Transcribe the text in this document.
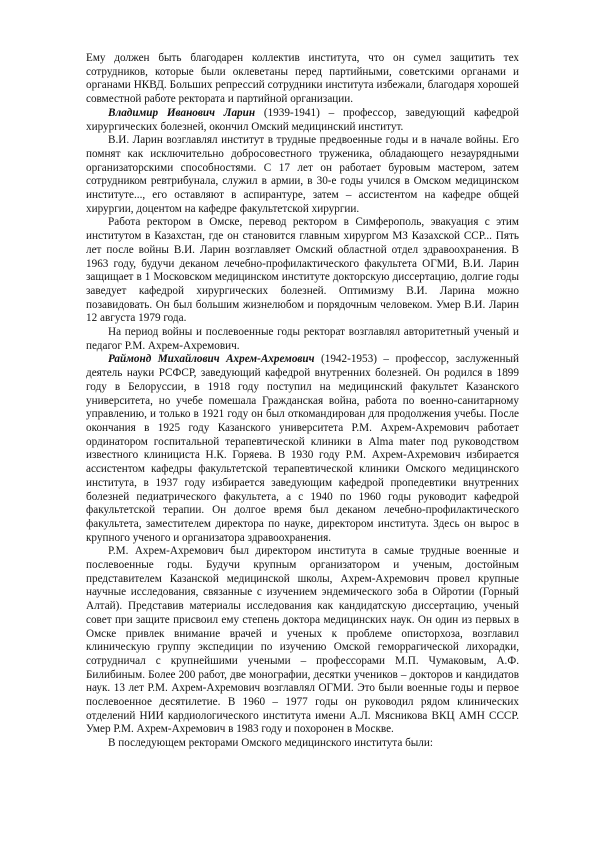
Ему должен быть благодарен коллектив института, что он сумел защитить тех сотрудников, которые были оклеветаны перед партийными, советскими органами и органами НКВД. Больших репрессий сотрудники института избежали, благодаря хорошей совместной работе ректората и партийной организации.

Владимир Иванович Ларин (1939-1941) – профессор, заведующий кафедрой хирургических болезней, окончил Омский медицинский институт.

В.И. Ларин возглавлял институт в трудные предвоенные годы и в начале войны. Его помнят как исключительно добросовестного труженика, обладающего незаурядными организаторскими способностями. С 17 лет он работает буровым мастером, затем сотрудником ревтрибунала, служил в армии, в 30-е годы учился в Омском медицинском институте..., его оставляют в аспирантуре, затем – ассистентом на кафедре общей хирургии, доцентом на кафедре факультетской хирургии.

Работа ректором в Омске, перевод ректором в Симферополь, эвакуация с этим институтом в Казахстан, где он становится главным хирургом МЗ Казахской ССР... Пять лет после войны В.И. Ларин возглавляет Омский областной отдел здравоохранения. В 1963 году, будучи деканом лечебно-профилактического факультета ОГМИ, В.И. Ларин защищает в 1 Московском медицинском институте докторскую диссертацию, долгие годы заведует кафедрой хирургических болезней. Оптимизму В.И. Ларина можно позавидовать. Он был большим жизнелюбом и порядочным человеком. Умер В.И. Ларин 12 августа 1979 года.

На период войны и послевоенные годы ректорат возглавлял авторитетный ученый и педагог Р.М. Ахрем-Ахремович.

Раймонд Михайлович Ахрем-Ахремович (1942-1953) – профессор, заслуженный деятель науки РСФСР, заведующий кафедрой внутренних болезней. Он родился в 1899 году в Белоруссии, в 1918 году поступил на медицинский факультет Казанского университета, но учебе помешала Гражданская война, работа по военно-санитарному управлению, и только в 1921 году он был откомандирован для продолжения учебы. После окончания в 1925 году Казанского университета Р.М. Ахрем-Ахремович работает ординатором госпитальной терапевтической клиники в Alma mater под руководством известного клинициста Н.К. Горяева. В 1930 году Р.М. Ахрем-Ахремович избирается ассистентом кафедры факультетской терапевтической клиники Омского медицинского института, в 1937 году избирается заведующим кафедрой пропедевтики внутренних болезней педиатрического факультета, а с 1940 по 1960 годы руководит кафедрой факультетской терапии. Он долгое время был деканом лечебно-профилактического факультета, заместителем директора по науке, директором института. Здесь он вырос в крупного ученого и организатора здравоохранения.

Р.М. Ахрем-Ахремович был директором института в самые трудные военные и послевоенные годы. Будучи крупным организатором и ученым, достойным представителем Казанской медицинской школы, Ахрем-Ахремович провел крупные научные исследования, связанные с изучением эндемического зоба в Ойротии (Горный Алтай). Представив материалы исследования как кандидатскую диссертацию, ученый совет при защите присвоил ему степень доктора медицинских наук. Он один из первых в Омске привлек внимание врачей и ученых к проблеме описторхоза, возглавил клиническую группу экспедиции по изучению Омской геморрагической лихорадки, сотрудничал с крупнейшими учеными – профессорами М.П. Чумаковым, А.Ф. Билибиным. Более 200 работ, две монографии, десятки учеников – докторов и кандидатов наук. 13 лет Р.М. Ахрем-Ахремович возглавлял ОГМИ. Это были военные годы и первое послевоенное десятилетие. В 1960 – 1977 годы он руководил рядом клинических отделений НИИ кардиологического института имени А.Л. Мясникова ВКЦ АМН СССР. Умер Р.М. Ахрем-Ахремович в 1983 году и похоронен в Москве.

В последующем ректорами Омского медицинского института были:
